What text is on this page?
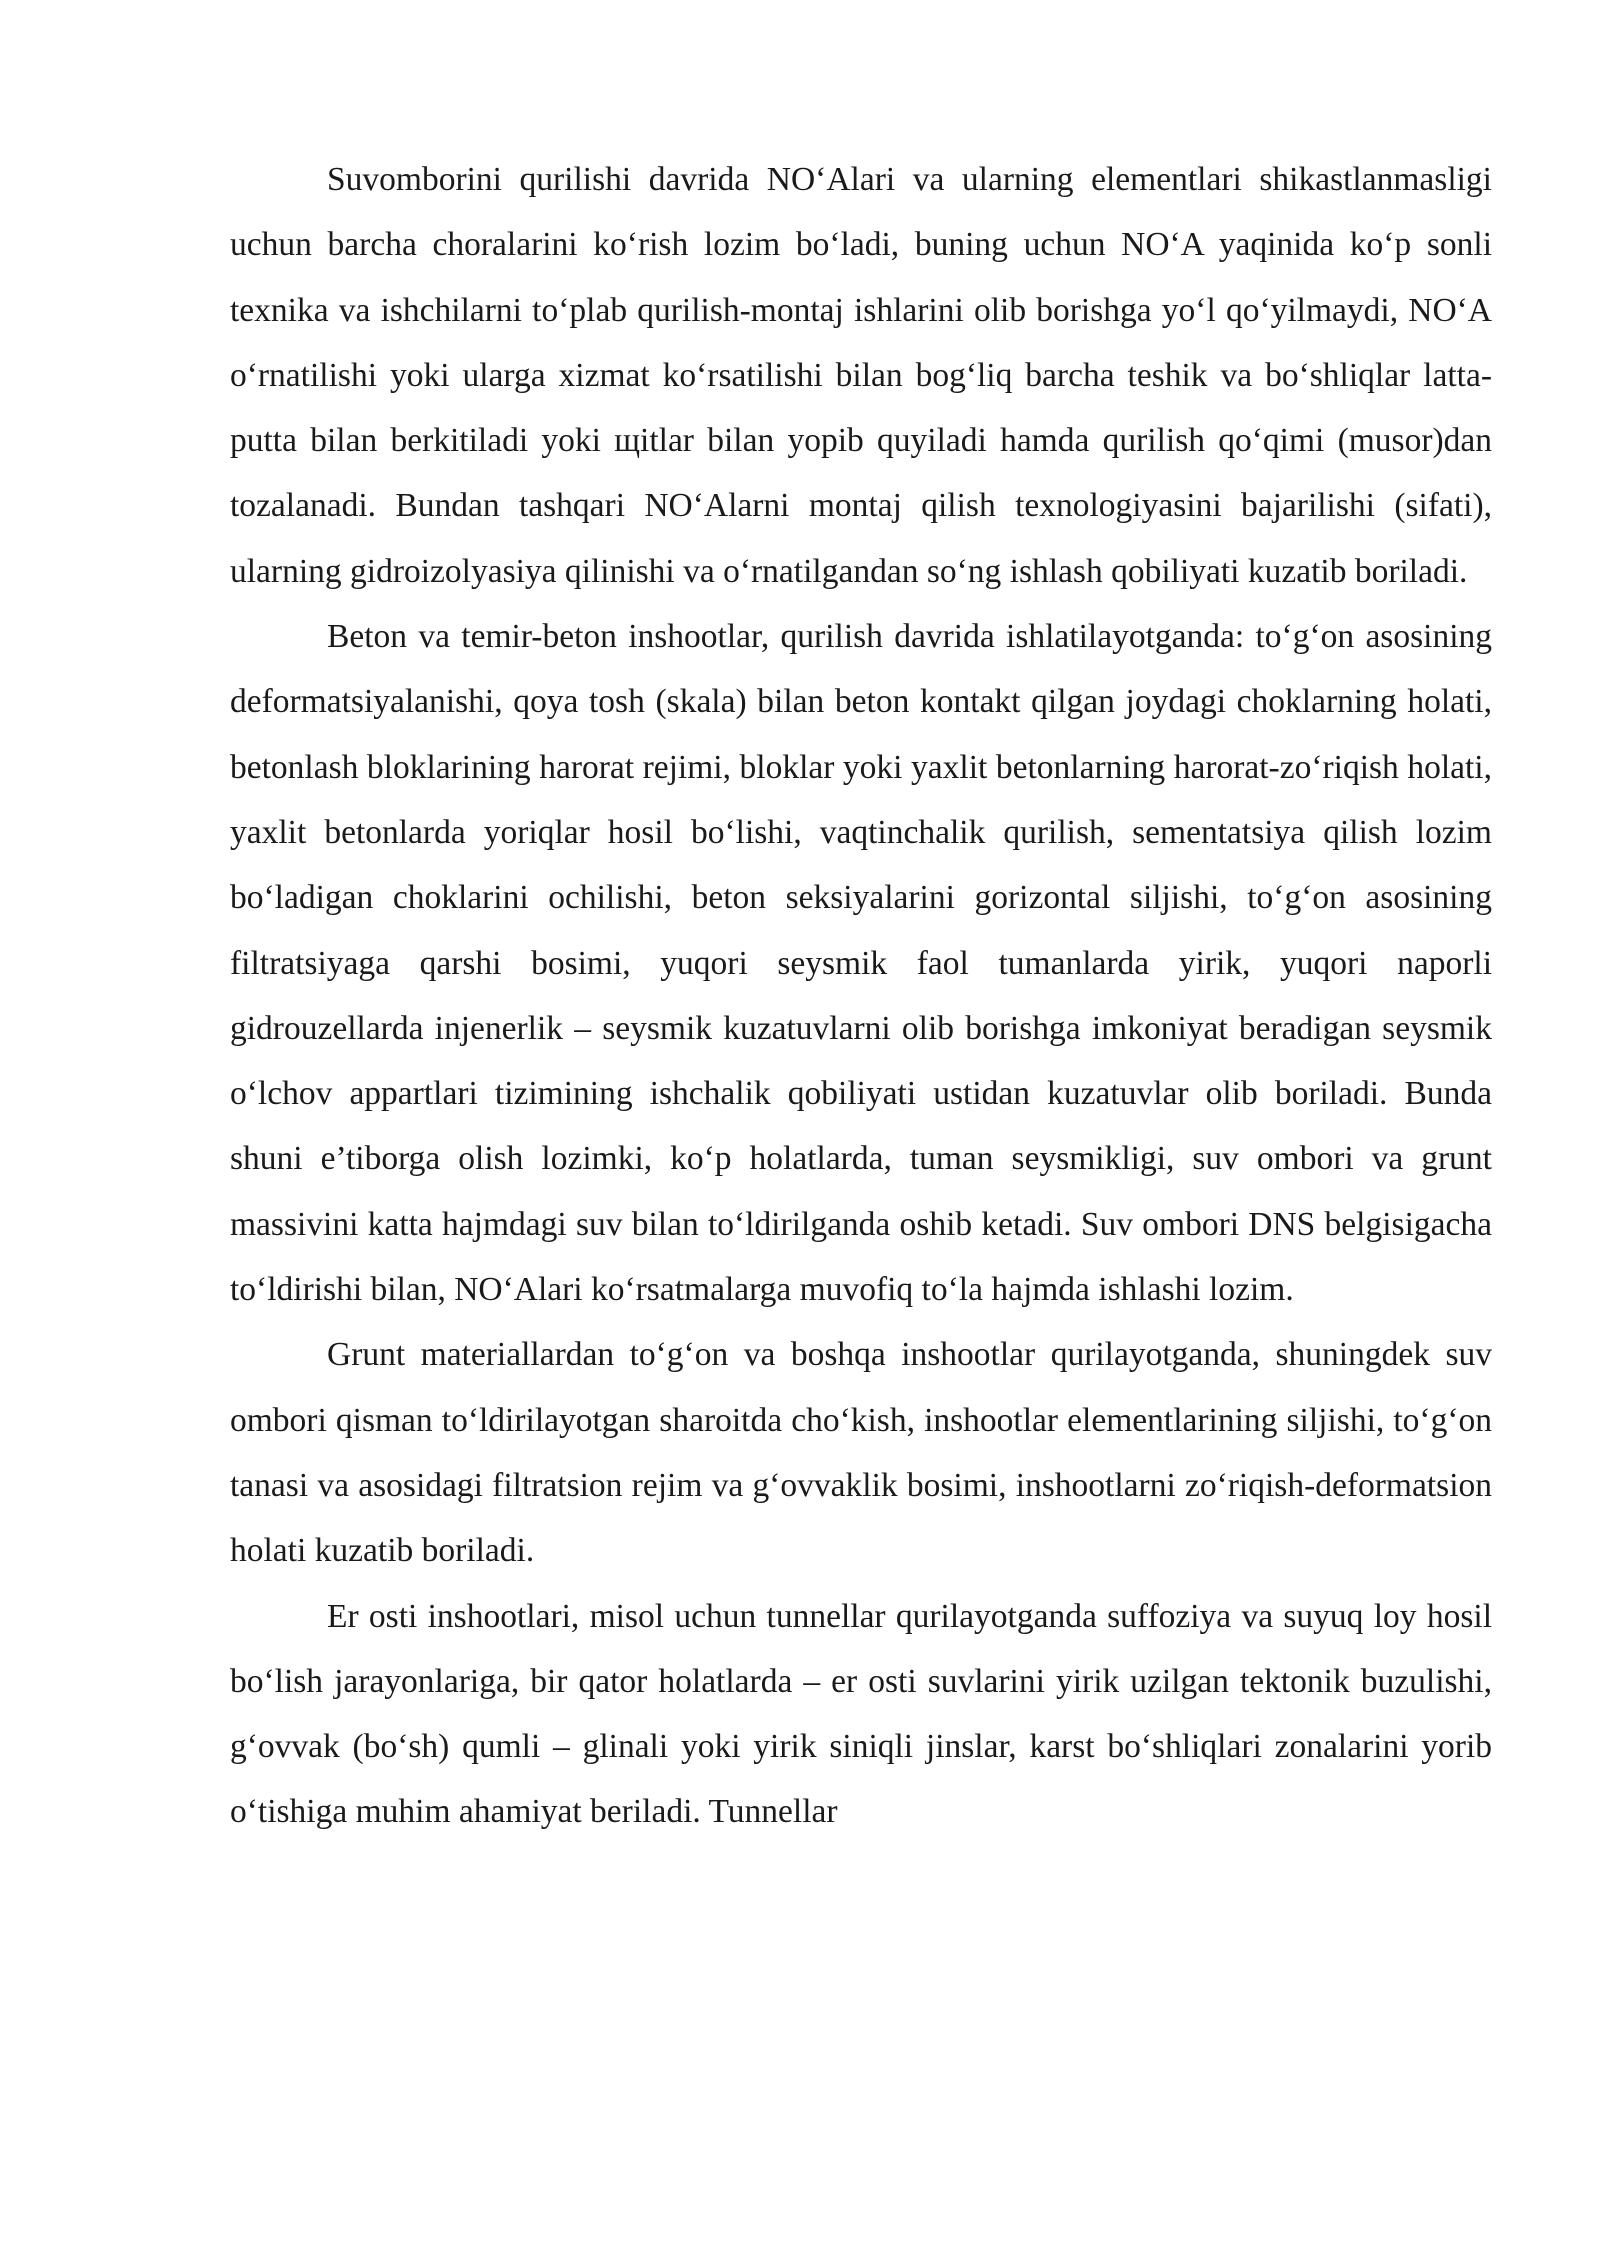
Suvomborini qurilishi davrida NO‘Alari va ularning elementlari shikastlanmasligi uchun barcha choralarini ko‘rish lozim bo‘ladi, buning uchun NO‘A yaqinida ko‘p sonli texnika va ishchilarni to‘plab qurilish-montaj ishlarini olib borishga yo‘l qo‘yilmaydi, NO‘A o‘rnatilishi yoki ularga xizmat ko‘rsatilishi bilan bog‘liq barcha teshik va bo‘shliqlar latta-putta bilan berkitiladi yoki щitlar bilan yopib quyiladi hamda qurilish qo‘qimi (musor)dan tozalanadi. Bundan tashqari NO‘Alarni montaj qilish texnologiyasini bajarilishi (sifati), ularning gidroizolyasiya qilinishi va o‘rnatilgandan so‘ng ishlash qobiliyati kuzatib boriladi.

Beton va temir-beton inshootlar, qurilish davrida ishlatilayotganda: to‘g‘on asosining deformatsiyalanishi, qoya tosh (skala) bilan beton kontakt qilgan joydagi choklarning holati, betonlash bloklarining harorat rejimi, bloklar yoki yaxlit betonlarning harorat-zo‘riqish holati, yaxlit betonlarda yoriqlar hosil bo‘lishi, vaqtinchalik qurilish, sementatsiya qilish lozim bo‘ladigan choklarini ochilishi, beton seksiyalarini gorizontal siljishi, to‘g‘on asosining filtratsiyaga qarshi bosimi, yuqori seysmik faol tumanlarda yirik, yuqori naporli gidrouzellarda injenerlik – seysmik kuzatuvlarni olib borishga imkoniyat beradigan seysmik o‘lchov appartlari tizimining ishchalik qobiliyati ustidan kuzatuvlar olib boriladi. Bunda shuni e’tiborga olish lozimki, ko‘p holatlarda, tuman seysmikligi, suv ombori va grunt massivini katta hajmdagi suv bilan to‘ldirilganda oshib ketadi. Suv ombori DNS belgisigacha to‘ldirishi bilan, NO‘Alari ko‘rsatmalarga muvofiq to‘la hajmda ishlashi lozim.

Grunt materiallardan to‘g‘on va boshqa inshootlar qurilayotganda, shuningdek suv ombori qisman to‘ldirilayotgan sharoitda cho‘kish, inshootlar elementlarining siljishi, to‘g‘on tanasi va asosidagi filtratsion rejim va g‘ovvaklik bosimi, inshootlarni zo‘riqish-deformatsion holati kuzatib boriladi.

Er osti inshootlari, misol uchun tunnellar qurilayotganda suffoziya va suyuq loy hosil bo‘lish jarayonlariga, bir qator holatlarda – er osti suvlarini yirik uzilgan tektonik buzulishi, g‘ovvak (bo‘sh) qumli – glinali yoki yirik siniqli jinslar, karst bo‘shliqlari zonalarini yorib o‘tishiga muhim ahamiyat beriladi. Tunnellar
